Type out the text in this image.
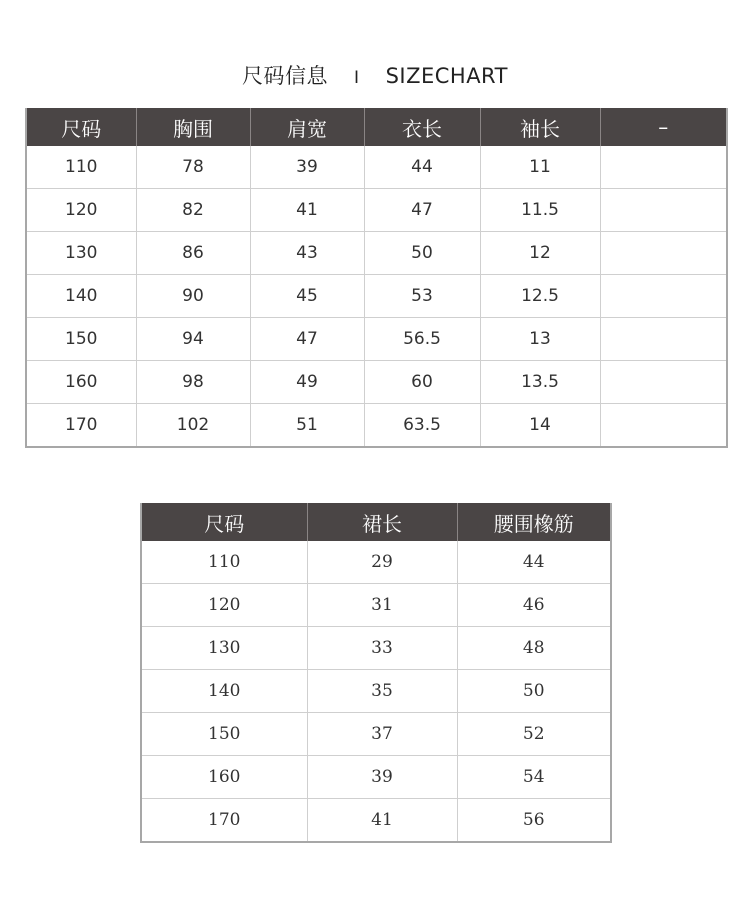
尺码信息 I SIZECHART
尺码	胸围	肩宽	衣长	袖长	–
110	78	39	44	11	
120	82	41	47	11.5	
130	86	43	50	12	
140	90	45	53	12.5	
150	94	47	56.5	13	
160	98	49	60	13.5	
170	102	51	63.5	14	
尺码	裙长	腰围橡筋
110	29	44
120	31	46
130	33	48
140	35	50
150	37	52
160	39	54
170	41	56
